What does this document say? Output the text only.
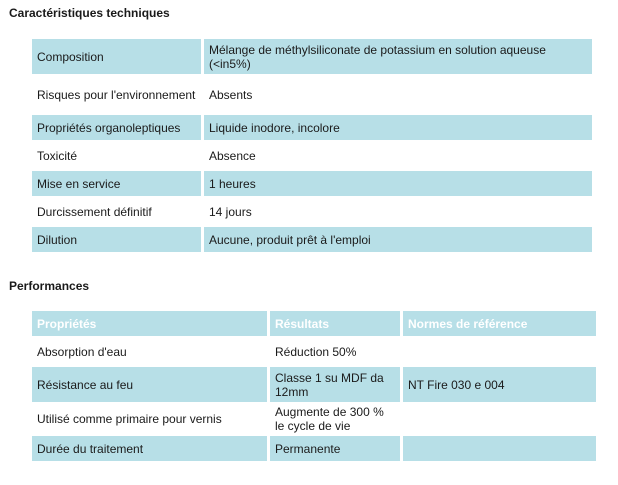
Caractéristiques techniques
Composition	Mélange de méthylsiliconate de potassium en solution aqueuse (<in5%)
Risques pour l'environnement	Absents
Propriétés organoleptiques	Liquide inodore, incolore
Toxicité	Absence
Mise en service	1 heures
Durcissement définitif	14 jours
Dilution	Aucune, produit prêt à l'emploi
Performances
Propriétés	Résultats	Normes de référence
Absorption d'eau	Réduction 50%	
Résistance au feu	Classe 1 su MDF da 12mm	NT Fire 030 e 004
Utilisé comme primaire pour vernis	Augmente de 300 % le cycle de vie	
Durée du traitement	Permanente	
